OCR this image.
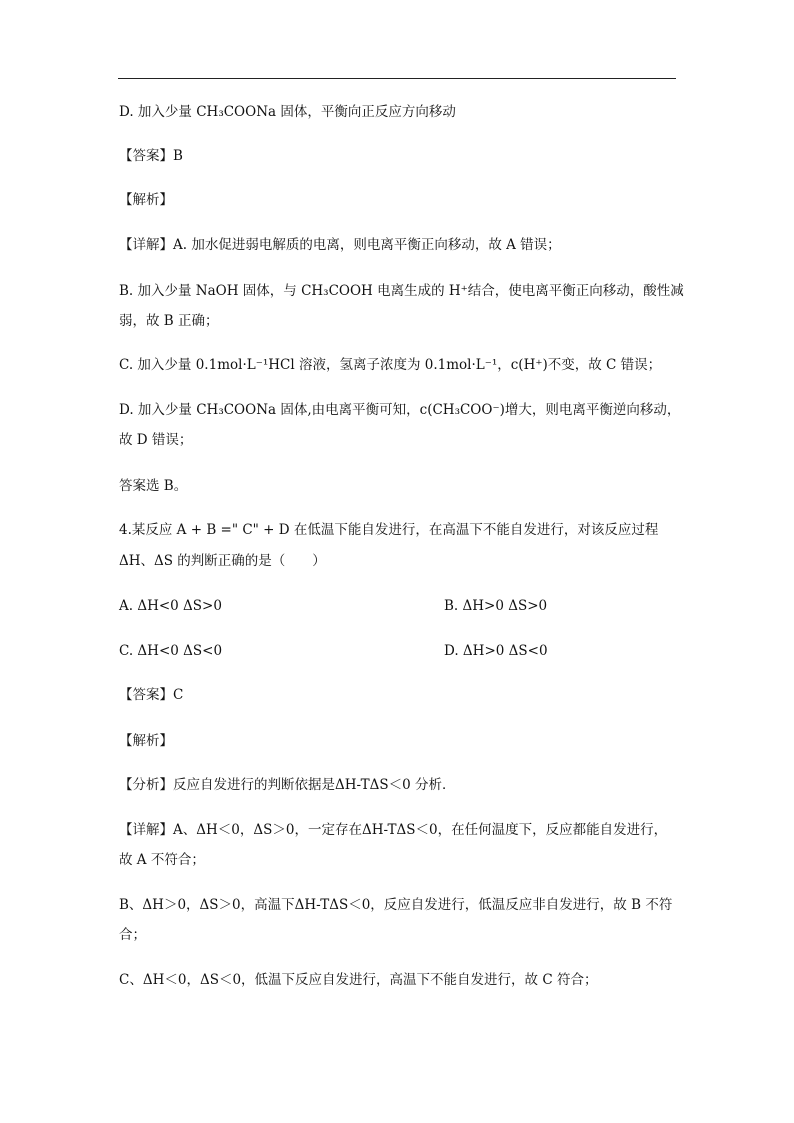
D. 加入少量 CH₃COONa 固体，平衡向正反应方向移动
【答案】B
【解析】
【详解】A. 加水促进弱电解质的电离，则电离平衡正向移动，故 A 错误；
B. 加入少量 NaOH 固体，与 CH₃COOH 电离生成的 H⁺结合，使电离平衡正向移动，酸性减
弱，故 B 正确；
C. 加入少量 0.1mol·L⁻¹HCl 溶液，氢离子浓度为 0.1mol·L⁻¹，c(H⁺)不变，故 C 错误；
D. 加入少量 CH₃COONa 固体,由电离平衡可知，c(CH₃COO⁻)增大，则电离平衡逆向移动，
故 D 错误；
答案选 B。
4.某反应 A + B =" C" + D 在低温下能自发进行，在高温下不能自发进行，对该反应过程
ΔH、ΔS 的判断正确的是（　　）
A. ΔH<0 ΔS>0	B. ΔH>0 ΔS>0
C. ΔH<0 ΔS<0	D. ΔH>0 ΔS<0
【答案】C
【解析】
【分析】反应自发进行的判断依据是ΔH-TΔS＜0 分析．
【详解】A、ΔH＜0，ΔS＞0，一定存在ΔH-TΔS＜0，在任何温度下，反应都能自发进行，
故 A 不符合；
B、ΔH＞0，ΔS＞0，高温下ΔH-TΔS＜0，反应自发进行，低温反应非自发进行，故 B 不符
合；
C、ΔH＜0，ΔS＜0，低温下反应自发进行，高温下不能自发进行，故 C 符合；
